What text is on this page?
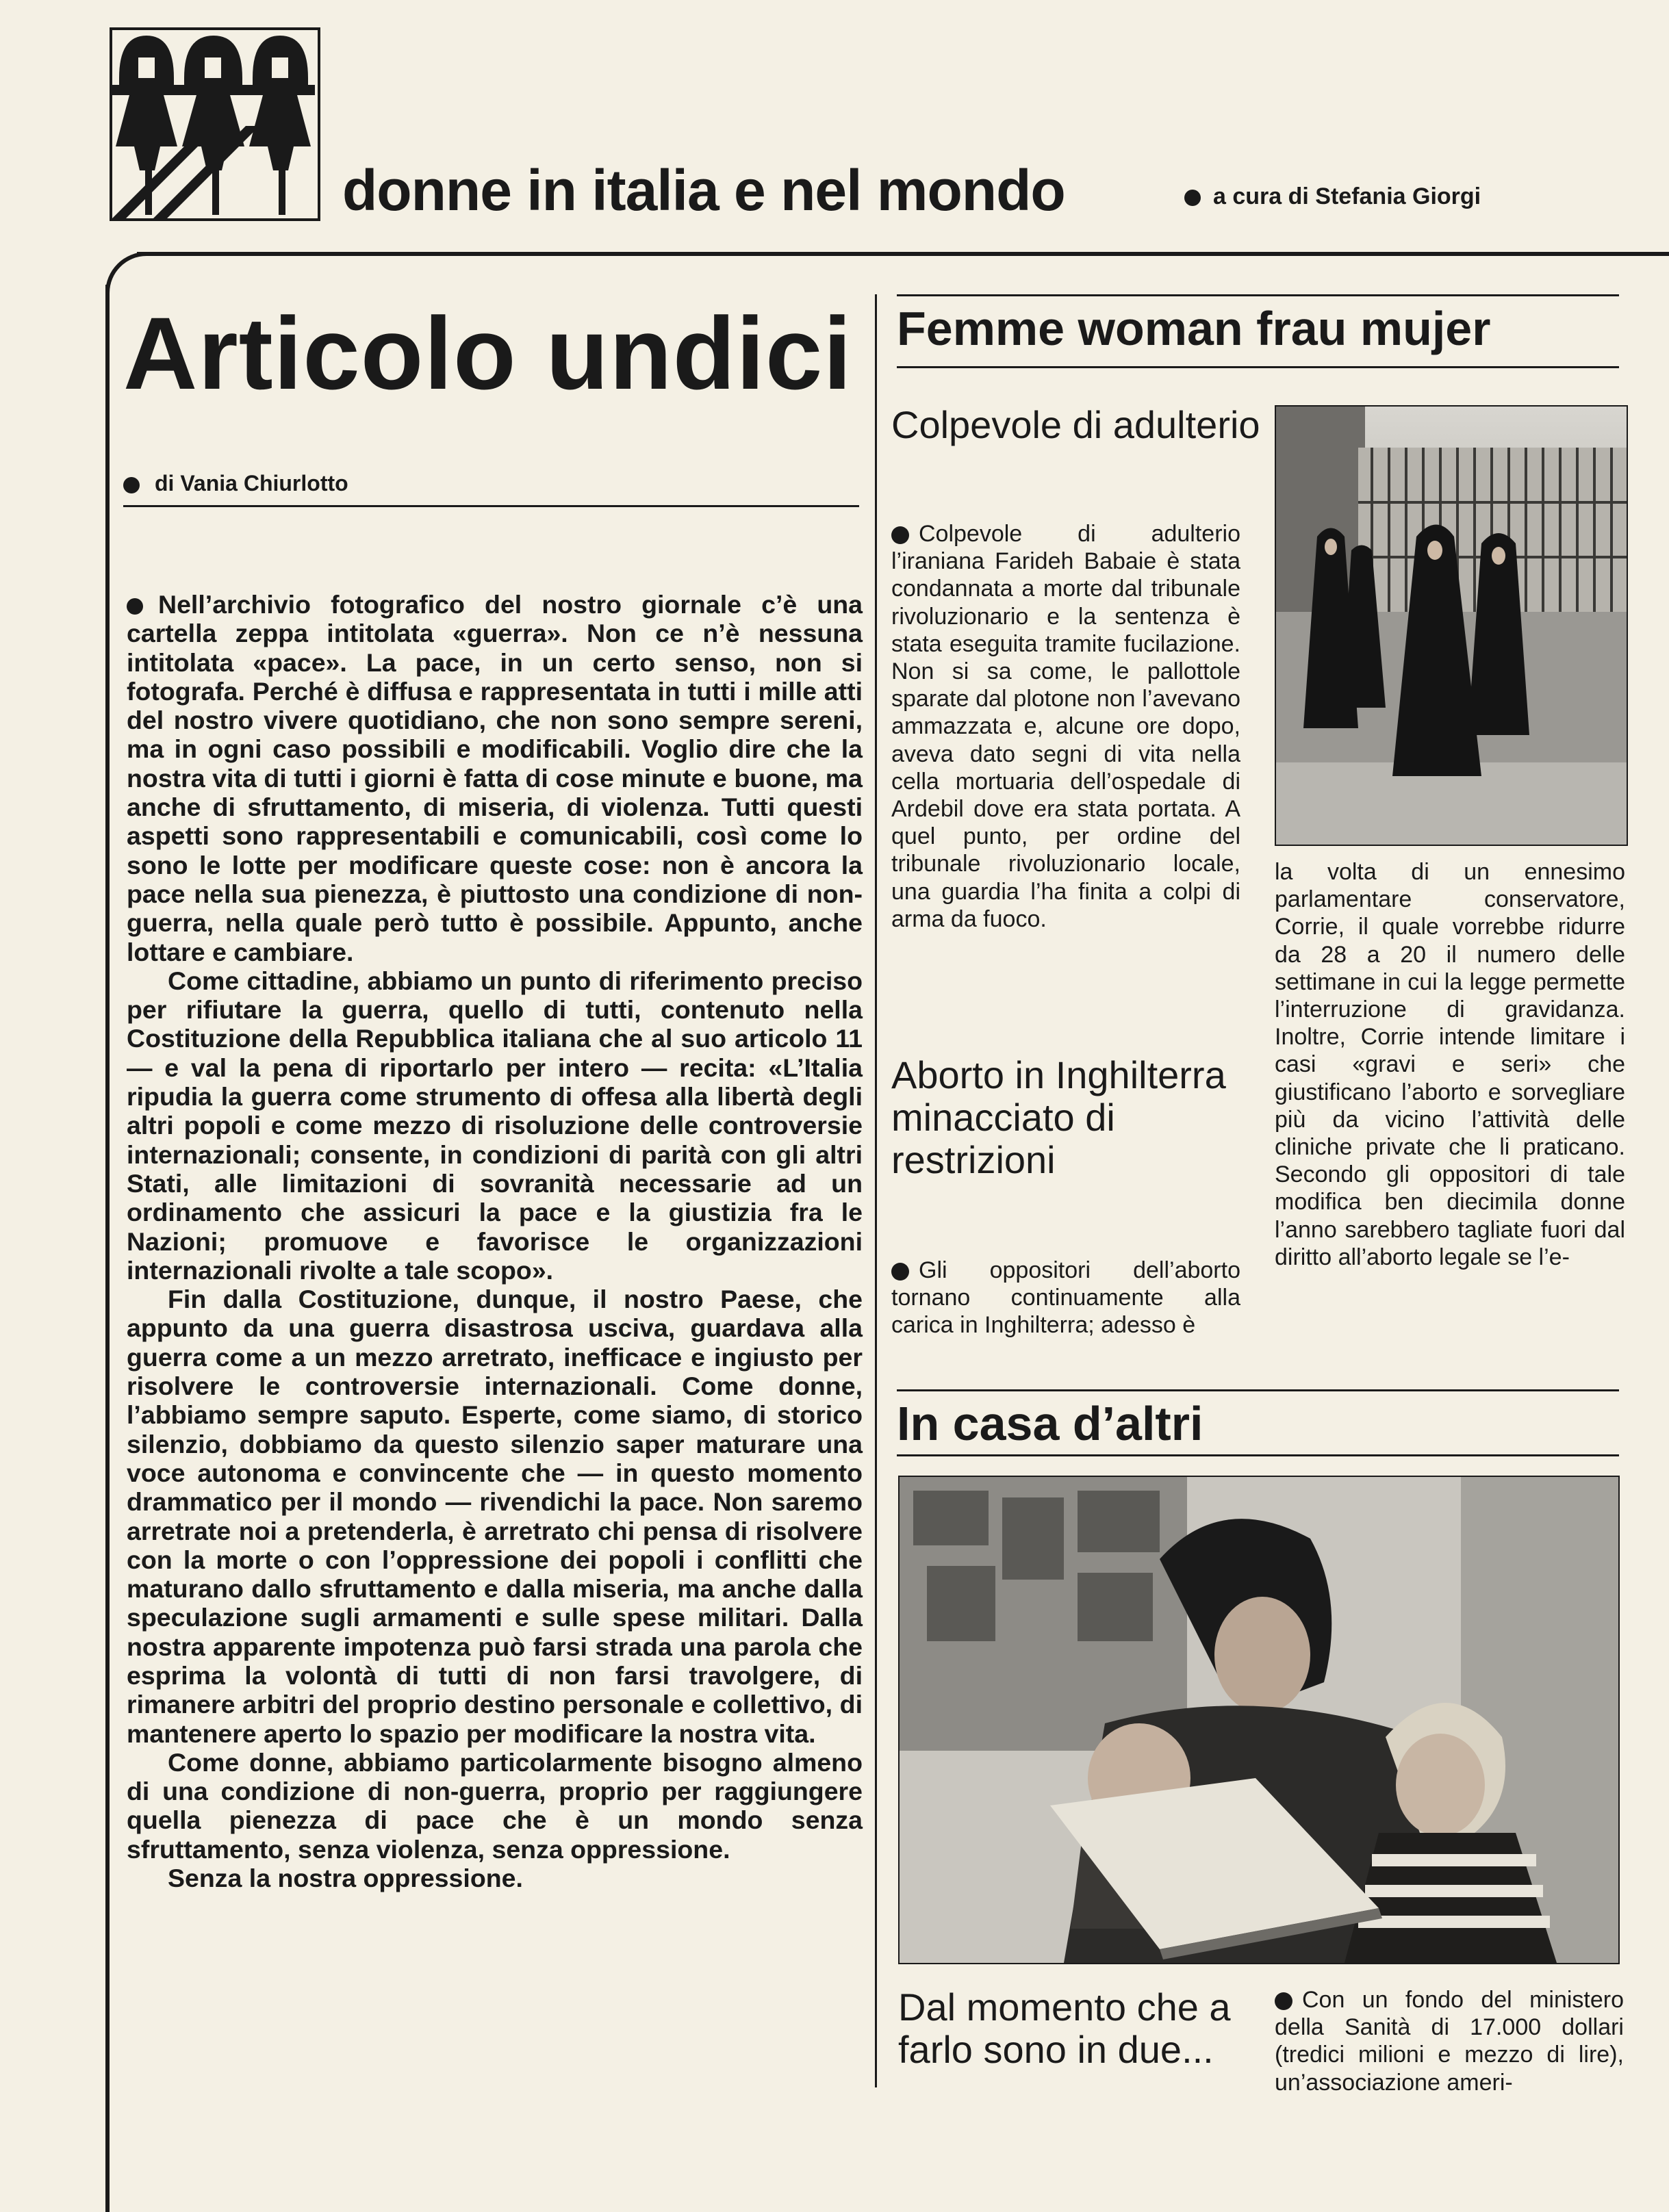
donne in italia e nel mondo	a cura di Stefania Giorgi
Articolo undici
di Vania Chiurlotto

Nell’archivio fotografico del nostro giornale c’è una cartella zeppa intitolata «guerra». Non ce n’è nessuna intitolata «pace». La pace, in un certo senso, non si fotografa. Perché è diffusa e rappresentata in tutti i mille atti del nostro vivere quotidiano, che non sono sempre sereni, ma in ogni caso possibili e modificabili. Voglio dire che la nostra vita di tutti i giorni è fatta di cose minute e buone, ma anche di sfruttamento, di miseria, di violenza. Tutti questi aspetti sono rappresentabili e comunicabili, così come lo sono le lotte per modificare queste cose: non è ancora la pace nella sua pienezza, è piuttosto una condizione di non-guerra, nella quale però tutto è possibile. Appunto, anche lottare e cambiare.

Come cittadine, abbiamo un punto di riferimento preciso per rifiutare la guerra, quello di tutti, contenuto nella Costituzione della Repubblica italiana che al suo articolo 11 — e val la pena di riportarlo per intero — recita: «L’Italia ripudia la guerra come strumento di offesa alla libertà degli altri popoli e come mezzo di risoluzione delle controversie internazionali; consente, in condizioni di parità con gli altri Stati, alle limitazioni di sovranità necessarie ad un ordinamento che assicuri la pace e la giustizia fra le Nazioni; promuove e favorisce le organizzazioni internazionali rivolte a tale scopo».

Fin dalla Costituzione, dunque, il nostro Paese, che appunto da una guerra disastrosa usciva, guardava alla guerra come a un mezzo arretrato, inefficace e ingiusto per risolvere le controversie internazionali. Come donne, l’abbiamo sempre saputo. Esperte, come siamo, di storico silenzio, dobbiamo da questo silenzio saper maturare una voce autonoma e convincente che — in questo momento drammatico per il mondo — rivendichi la pace. Non saremo arretrate noi a pretenderla, è arretrato chi pensa di risolvere con la morte o con l’oppressione dei popoli i conflitti che maturano dallo sfruttamento e dalla miseria, ma anche dalla speculazione sugli armamenti e sulle spese militari. Dalla nostra apparente impotenza può farsi strada una parola che esprima la volontà di tutti di non farsi travolgere, di rimanere arbitri del proprio destino personale e collettivo, di mantenere aperto lo spazio per modificare la nostra vita.

Come donne, abbiamo particolarmente bisogno almeno di una condizione di non-guerra, proprio per raggiungere quella pienezza di pace che è un mondo senza sfruttamento, senza violenza, senza oppressione.

Senza la nostra oppressione.

Femme woman frau mujer
Colpevole di adulterio
Colpevole di adulterio l’iraniana Farideh Babaie è stata condannata a morte dal tribunale rivoluzionario e la sentenza è stata eseguita tramite fucilazione. Non si sa come, le pallottole sparate dal plotone non l’avevano ammazzata e, alcune ore dopo, aveva dato segni di vita nella cella mortuaria dell’ospedale di Ardebil dove era stata portata. A quel punto, per ordine del tribunale rivoluzionario locale, una guardia l’ha finita a colpi di arma da fuoco.
Aborto in Inghilterra minacciato di restrizioni
Gli oppositori dell’aborto tornano continuamente alla carica in Inghilterra; adesso è
la volta di un ennesimo parlamentare conservatore, Corrie, il quale vorrebbe ridurre da 28 a 20 il numero delle settimane in cui la legge permette l’interruzione di gravidanza. Inoltre, Corrie intende limitare i casi «gravi e seri» che giustificano l’aborto e sorvegliare più da vicino l’attività delle cliniche private che li praticano. Secondo gli oppositori di tale modifica ben diecimila donne l’anno sarebbero tagliate fuori dal diritto all’aborto legale se l’e-
In casa d’altri
Dal momento che a farlo sono in due...
Con un fondo del ministero della Sanità di 17.000 dollari (tredici milioni e mezzo di lire), un’associazione ameri-
